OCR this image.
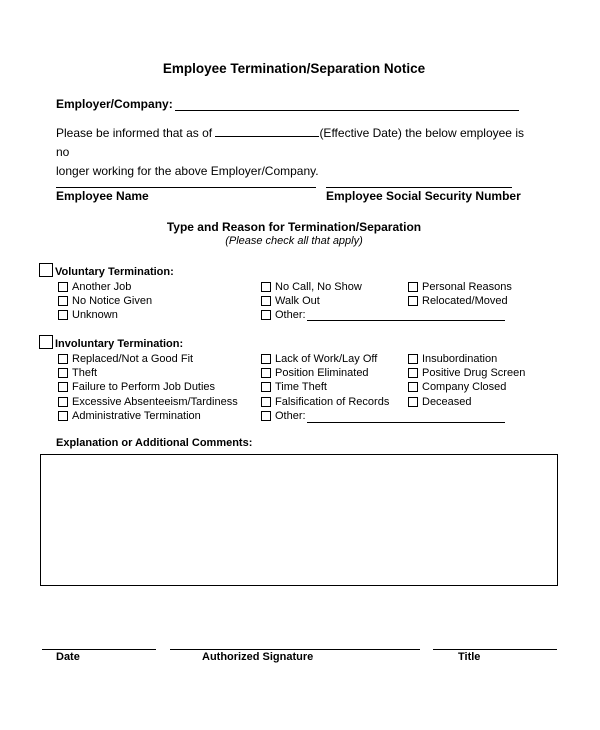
Employee Termination/Separation Notice
Employer/Company:
Please be informed that as of	(Effective Date) the below employee is no
longer working for the above Employer/Company.
Employee Name	Employee Social Security Number
Type and Reason for Termination/Separation
(Please check all that apply)
Voluntary Termination:
Another Job
No Notice Given
Unknown
No Call, No Show
Walk Out
Other:
Personal Reasons
Relocated/Moved
Involuntary Termination:
Replaced/Not a Good Fit
Theft
Failure to Perform Job Duties
Excessive Absenteeism/Tardiness
Administrative Termination
Lack of Work/Lay Off
Position Eliminated
Time Theft
Falsification of Records
Other:
Insubordination
Positive Drug Screen
Company Closed
Deceased
Explanation or Additional Comments:
Date	Authorized Signature	Title
